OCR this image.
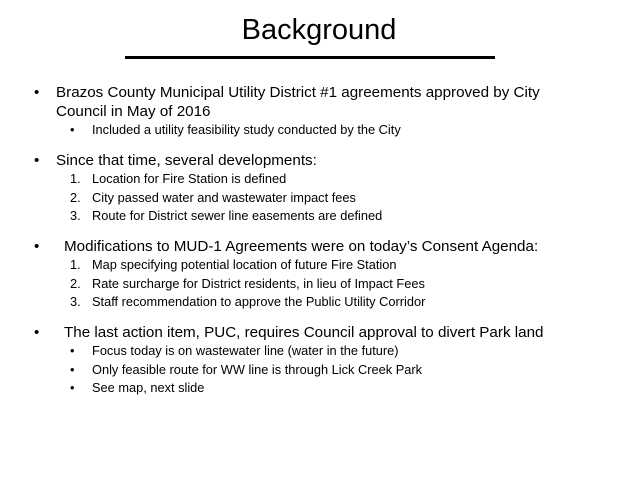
Background
• Brazos County Municipal Utility District #1 agreements approved by City
Council in May of 2016
• Included a utility feasibility study conducted by the City
• Since that time, several developments:
1. Location for Fire Station is defined
2. City passed water and wastewater impact fees
3. Route for District sewer line easements are defined
• Modifications to MUD-1 Agreements were on today’s Consent Agenda:
1. Map specifying potential location of future Fire Station
2. Rate surcharge for District residents, in lieu of Impact Fees
3. Staff recommendation to approve the Public Utility Corridor
• The last action item, PUC, requires Council approval to divert Park land
• Focus today is on wastewater line (water in the future)
• Only feasible route for WW line is through Lick Creek Park
• See map, next slide
